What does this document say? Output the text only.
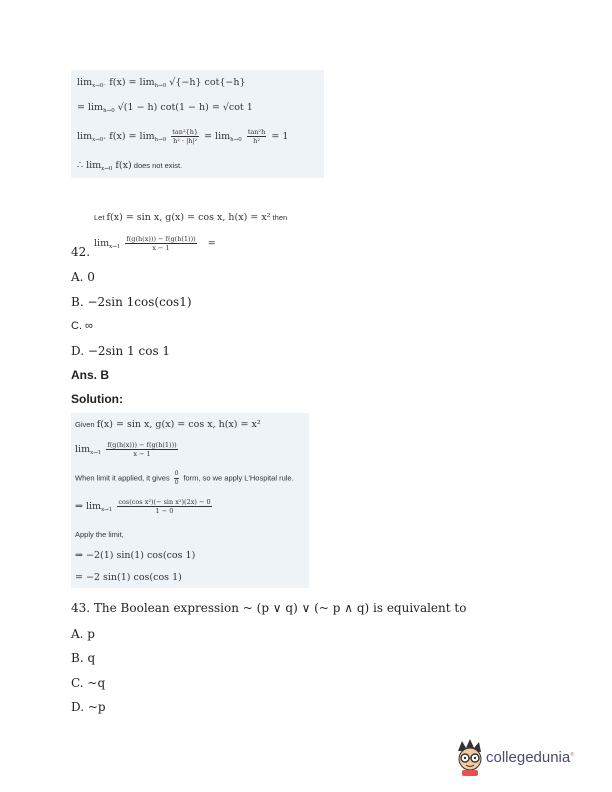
$\lim_{x\to 0^-} f(x) = \lim_{h\to 0} √\{-h\}$ cot{−h}
= $\lim_{h\to 0} √(1 - h) \cot(1 - h) = √\cot$ 1
$\lim_{x\to 0^+} f(x) = \lim_{h\to 0} \frac{\text{tan²\{h\}}}{\text{h² · |h|²}} = \lim_{h\to 0} \frac{\text{tan²h}}{\text{h²}} = 1$
∴ $\lim_{x\to 0} f(x)$ does not exist.
Let f(x) = sin x, g(x) = cos x, h(x) = x² then
$\lim_{x\to 1} \frac{f(g(h(x))) - f(g(h(1)))}{x - 1}$ =
42.
A. 0
B. −2sin 1cos(cos1)
C. ∞
D. −2sin 1 cos 1
Ans. B
Solution:
Given f(x) = sin x, g(x) = cos x, h(x) = x²
$\lim_{x\to 1} \frac{f(g(h(x))) - f(g(h(1)))}{x - 1}$
When limit it applied, it gives $\frac{0}{0}$ form, so we apply L'Hospital rule.
⇒ $\lim_{x\to 1} \frac{\text{cos(cos x²)(− sin x²)(2x) − 0}}{1 - 0}$
Apply the limit,
⇒ −2(1) sin(1) cos(cos 1)
= −2 sin(1) cos(cos 1)
43. The Boolean expression ~ (p ∨ q) ∨ (~ p ∧ q) is equivalent to
A. p
B. q
C. ~q
D. ~p
collegedunia®
